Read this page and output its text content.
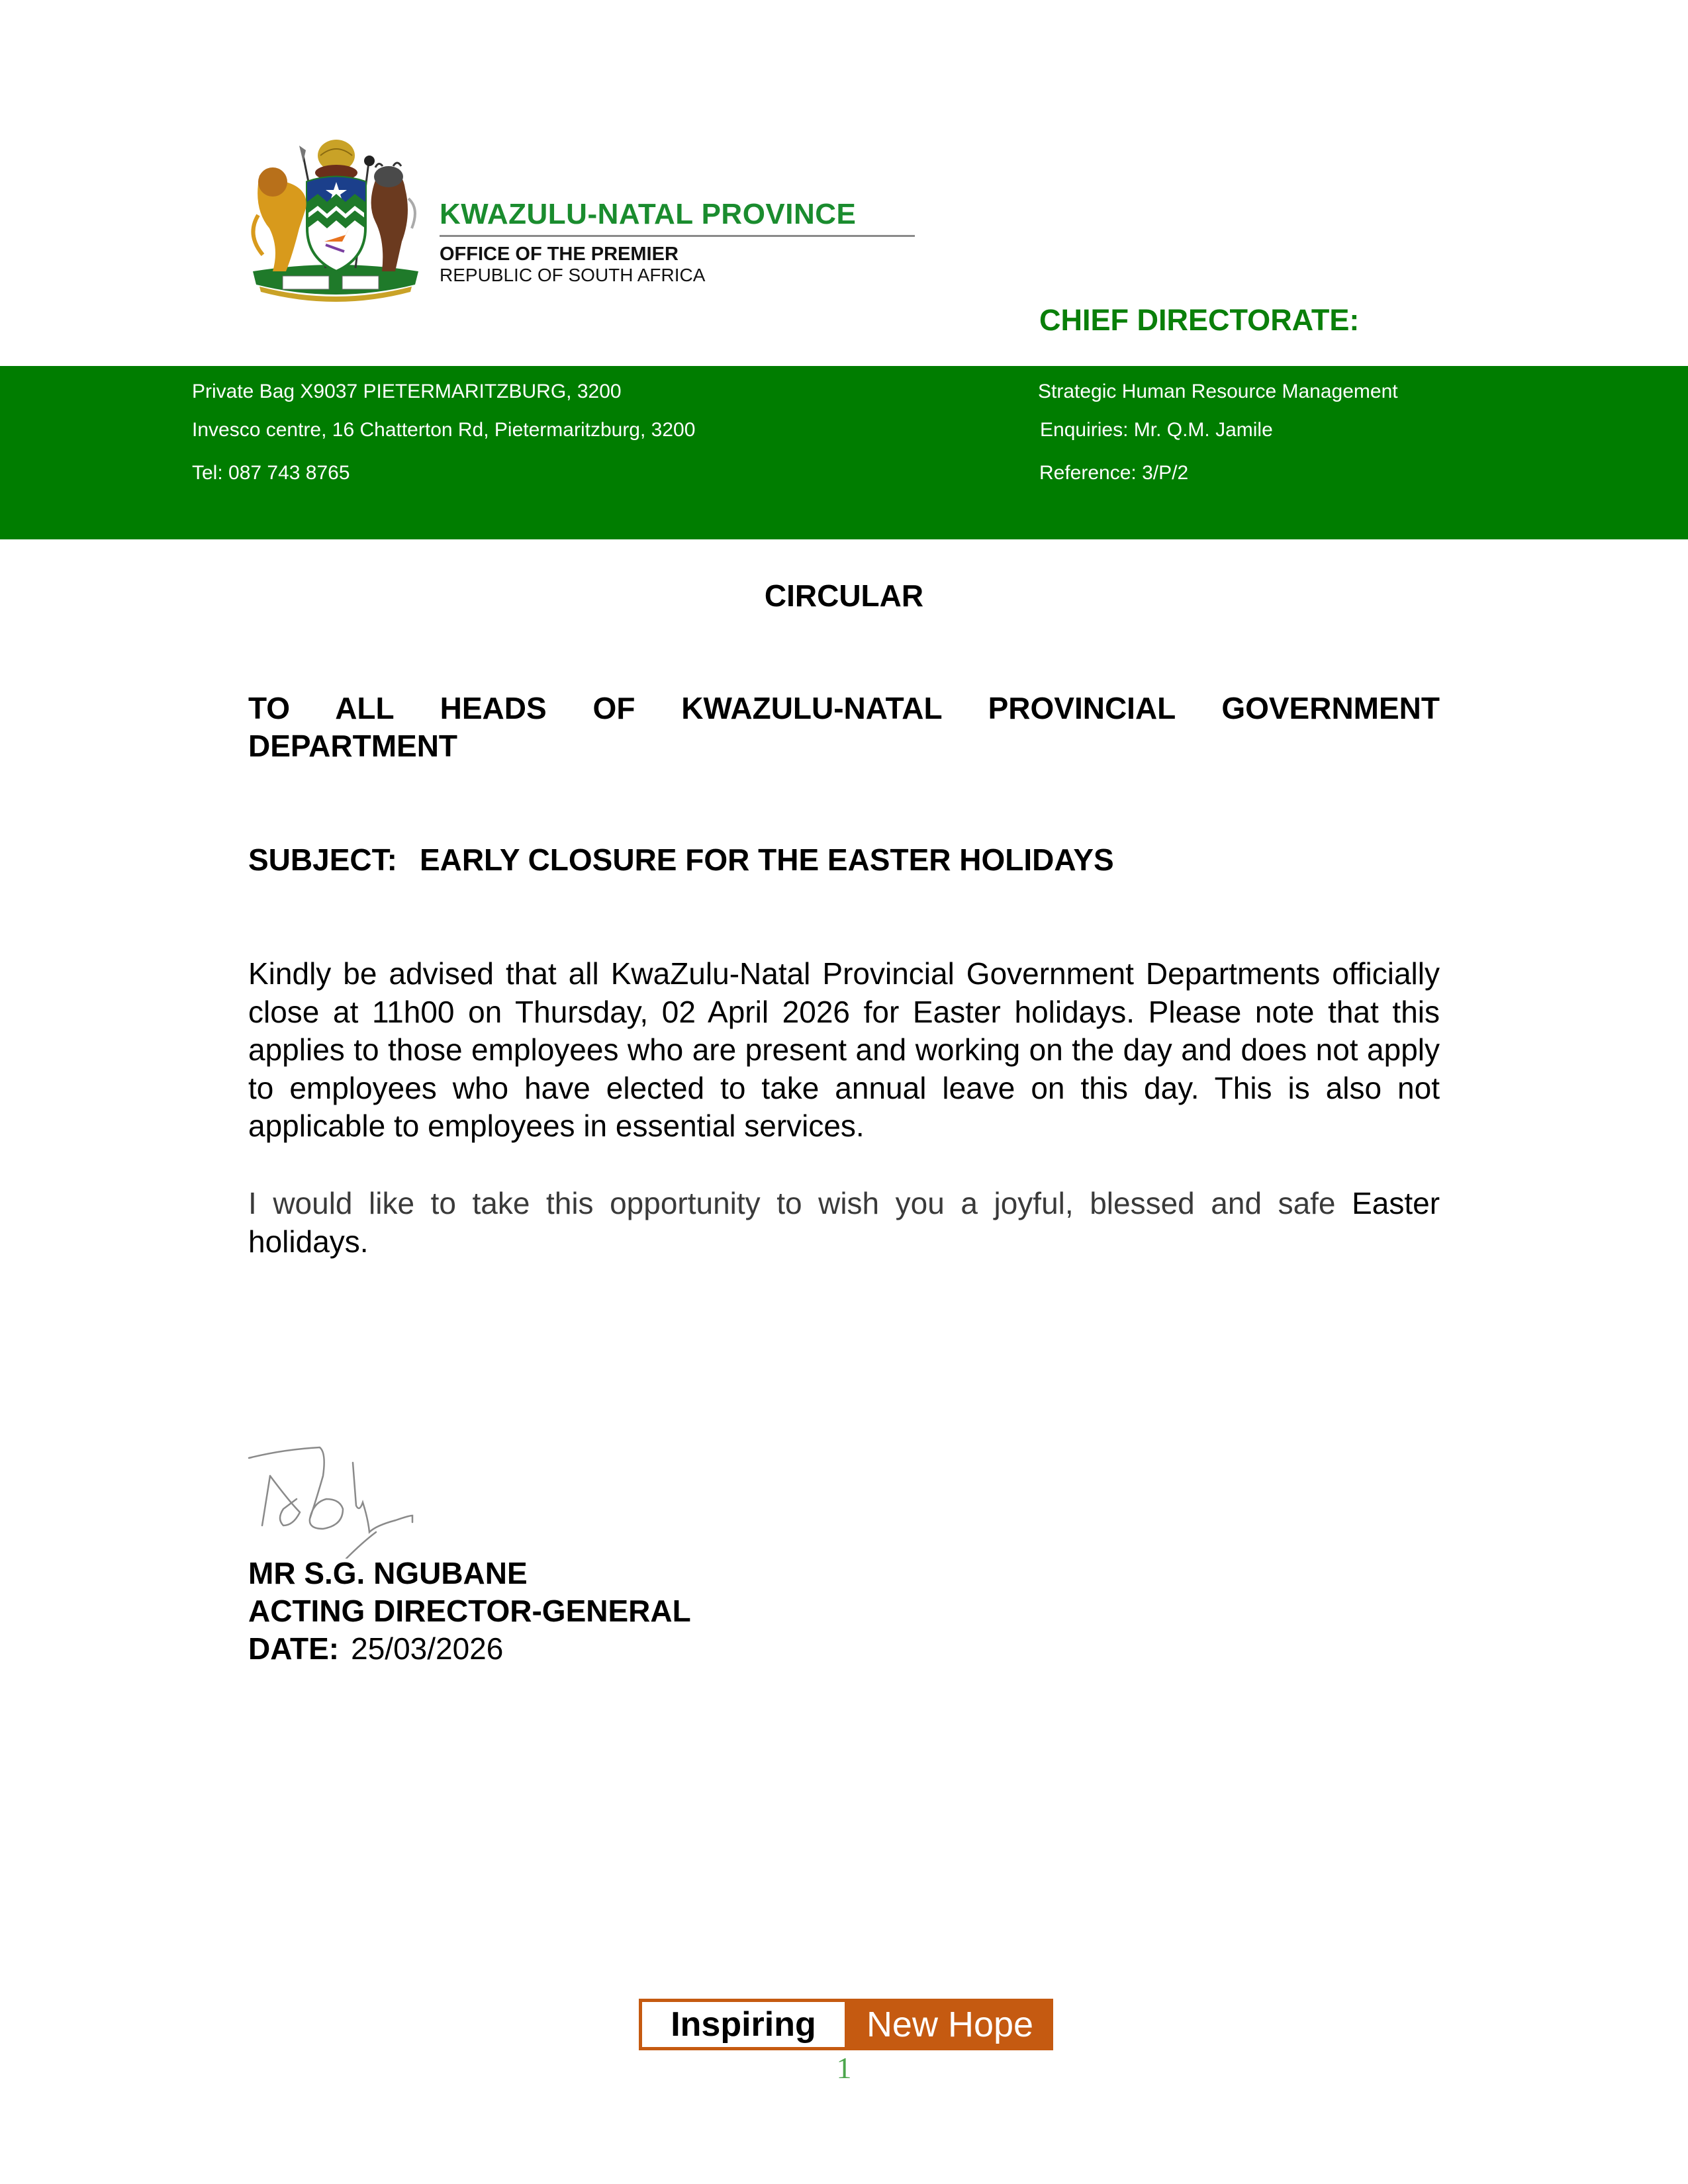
KWAZULU-NATAL PROVINCE
OFFICE OF THE PREMIER
REPUBLIC OF SOUTH AFRICA
CHIEF DIRECTORATE:
Private Bag X9037 PIETERMARITZBURG, 3200
Invesco centre, 16 Chatterton Rd, Pietermaritzburg, 3200
Tel: 087 743 8765
Strategic Human Resource Management
Enquiries: Mr. Q.M. Jamile
Reference: 3/P/2
CIRCULAR
TO ALL HEADS OF KWAZULU-NATAL PROVINCIAL GOVERNMENT
DEPARTMENT
SUBJECT: EARLY CLOSURE FOR THE EASTER HOLIDAYS
Kindly be advised that all KwaZulu-Natal Provincial Government Departments officially close at 11h00 on Thursday, 02 April 2026 for Easter holidays. Please note that this applies to those employees who are present and working on the day and does not apply to employees who have elected to take annual leave on this day. This is also not applicable to employees in essential services.
I would like to take this opportunity to wish you a joyful, blessed and safe Easter holidays.
MR S.G. NGUBANE
ACTING DIRECTOR-GENERAL
DATE: 25/03/2026
Inspiring	New Hope
1
